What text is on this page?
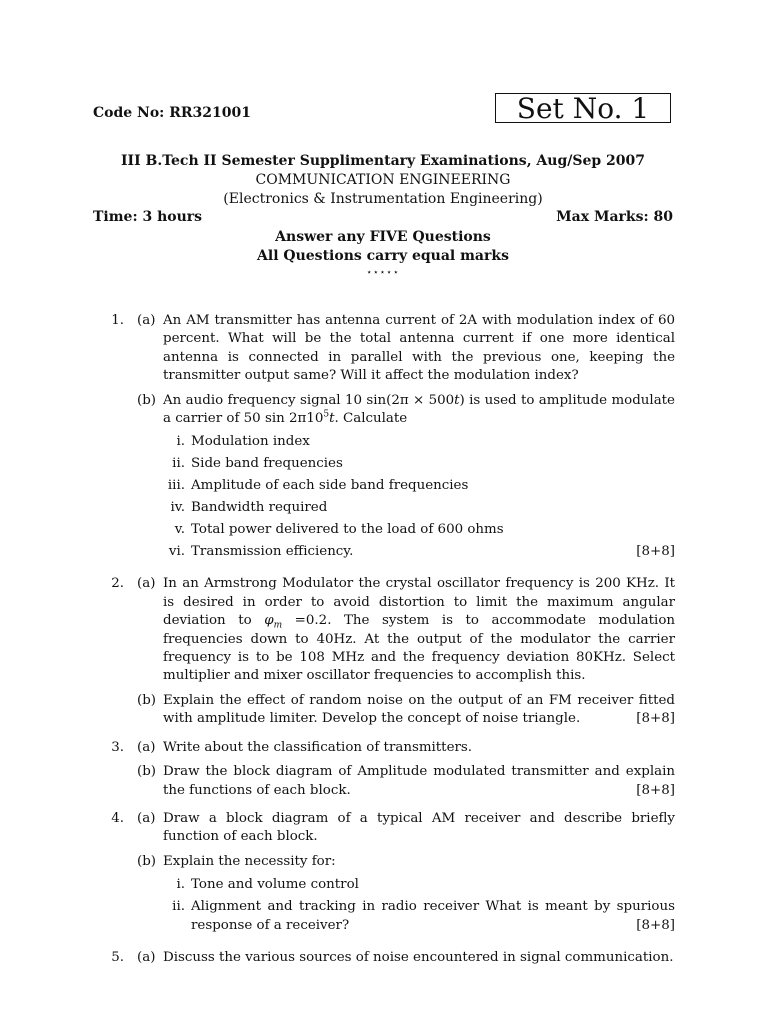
Code No: RR321001	Set No. 1
III B.Tech II Semester Supplimentary Examinations, Aug/Sep 2007
COMMUNICATION ENGINEERING
(Electronics & Instrumentation Engineering)
Time: 3 hours	Max Marks: 80
Answer any FIVE Questions
All Questions carry equal marks
⋆⋆⋆⋆⋆
1. (a) An AM transmitter has antenna current of 2A with modulation index of 60 percent. What will be the total antenna current if one more identical antenna is connected in parallel with the previous one, keeping the transmitter output same? Will it affect the modulation index?
(b) An audio frequency signal 10 sin(2π × 500t) is used to amplitude modulate a carrier of 50 $\sin 2\pi 10^5t$. Calculate
i. Modulation index
ii. Side band frequencies
iii. Amplitude of each side band frequencies
iv. Bandwidth required
v. Total power delivered to the load of 600 ohms
vi. Transmission efficiency.	[8+8]
2. (a) In an Armstrong Modulator the crystal oscillator frequency is 200 KHz. It is desired in order to avoid distortion to limit the maximum angular deviation to $\varphi_m =0.2$. The system is to accommodate modulation frequencies down to 40Hz. At the output of the modulator the carrier frequency is to be 108 MHz and the frequency deviation 80KHz. Select multiplier and mixer oscillator frequencies to accomplish this.
(b) Explain the effect of random noise on the output of an FM receiver fitted with amplitude limiter. Develop the concept of noise triangle.	[8+8]
3. (a) Write about the classification of transmitters.
(b) Draw the block diagram of Amplitude modulated transmitter and explain the functions of each block.	[8+8]
4. (a) Draw a block diagram of a typical AM receiver and describe briefly function of each block.
(b) Explain the necessity for:
i. Tone and volume control
ii. Alignment and tracking in radio receiver What is meant by spurious response of a receiver?	[8+8]
5. (a) Discuss the various sources of noise encountered in signal communication.
